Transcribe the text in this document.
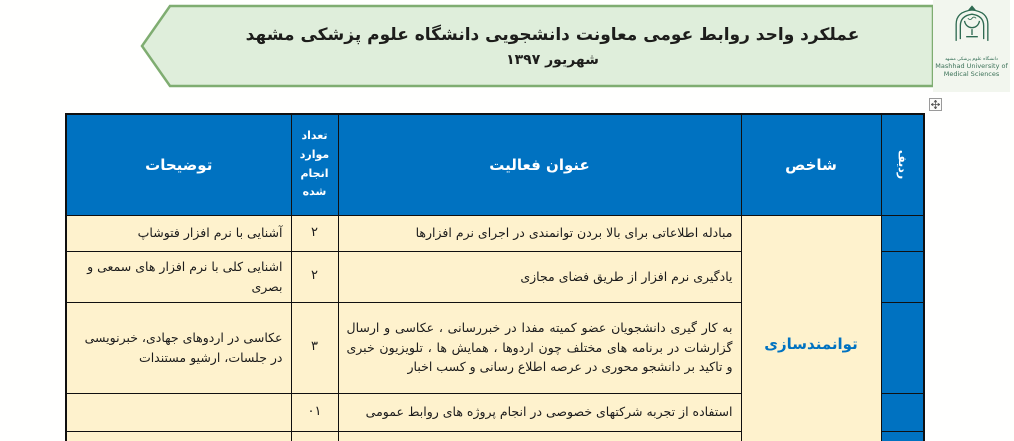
عملکرد واحد روابط عومی معاونت دانشجویی دانشگاه علوم پزشکی مشهد
شهریور ۱۳۹۷	دانشگاه علوم پزشکی مشهد
Mashhad University of
Medical Sciences
ردیف	شاخص	عنوان فعالیت	تعداد موارد انجام شده	توضیحات
	توانمندسازی	مبادله اطلاعاتی برای بالا بردن توانمندی در اجرای نرم افزارها	۲	آشنایی با نرم افزار فتوشاپ
		یادگیری نرم افزار از طریق فضای مجازی	۲	اشنایی کلی با نرم افزار های سمعی و بصری
		به کار گیری دانشجویان عضو کمیته مفدا در خبررسانی ، عکاسی و ارسال گزارشات در برنامه های مختلف چون اردوها ، همایش ها ، تلویزیون خبری و تاکید بر دانشجو محوری در عرصه اطلاع رسانی و کسب اخبار	۳	عکاسی در اردوهای جهادی، خبرنویسی در جلسات، ارشیو مستندات
		استفاده از تجربه شرکتهای خصوصی در انجام پروژه های روابط عمومی	۰۱	
